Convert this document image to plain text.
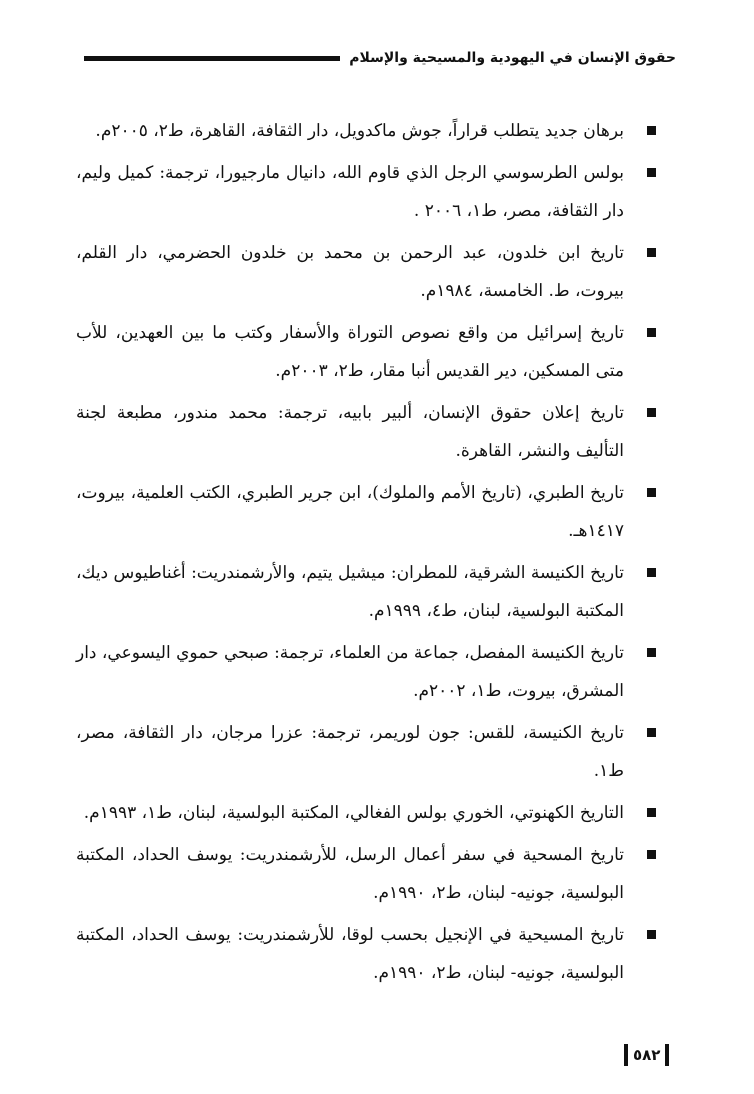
حقوق الإنسان في اليهودية والمسيحية والإسلام
برهان جديد يتطلب قراراً، جوش ماكدويل، دار الثقافة، القاهرة، ط٢، ٢٠٠٥م.
بولس الطرسوسي الرجل الذي قاوم الله، دانيال مارجيورا، ترجمة: كميل وليم، دار الثقافة، مصر، ط١، ٢٠٠٦ .
تاريخ ابن خلدون، عبد الرحمن بن محمد بن خلدون الحضرمي، دار القلم، بيروت، ط. الخامسة، ١٩٨٤م.
تاريخ إسرائيل من واقع نصوص التوراة والأسفار وكتب ما بين العهدين، للأب متى المسكين، دير القديس أنبا مقار، ط٢، ٢٠٠٣م.
تاريخ إعلان حقوق الإنسان، ألبير بابيه، ترجمة: محمد مندور، مطبعة لجنة التأليف والنشر، القاهرة.
تاريخ الطبري، (تاريخ الأمم والملوك)، ابن جرير الطبري، الكتب العلمية، بيروت، ١٤١٧هـ.
تاريخ الكنيسة الشرقية، للمطران: ميشيل يتيم، والأرشمندريت: أغناطيوس ديك، المكتبة البولسية، لبنان، ط٤، ١٩٩٩م.
تاريخ الكنيسة المفصل، جماعة من العلماء، ترجمة: صبحي حموي اليسوعي، دار المشرق، بيروت، ط١، ٢٠٠٢م.
تاريخ الكنيسة، للقس: جون لوريمر، ترجمة: عزرا مرجان، دار الثقافة، مصر، ط١.
التاريخ الكهنوتي، الخوري بولس الفغالي، المكتبة البولسية، لبنان، ط١، ١٩٩٣م.
تاريخ المسحية في سفر أعمال الرسل، للأرشمندريت: يوسف الحداد، المكتبة البولسية، جونيه- لبنان، ط٢، ١٩٩٠م.
تاريخ المسيحية في الإنجيل بحسب لوقا، للأرشمندريت: يوسف الحداد، المكتبة البولسية، جونيه- لبنان، ط٢، ١٩٩٠م.
٥٨٢
